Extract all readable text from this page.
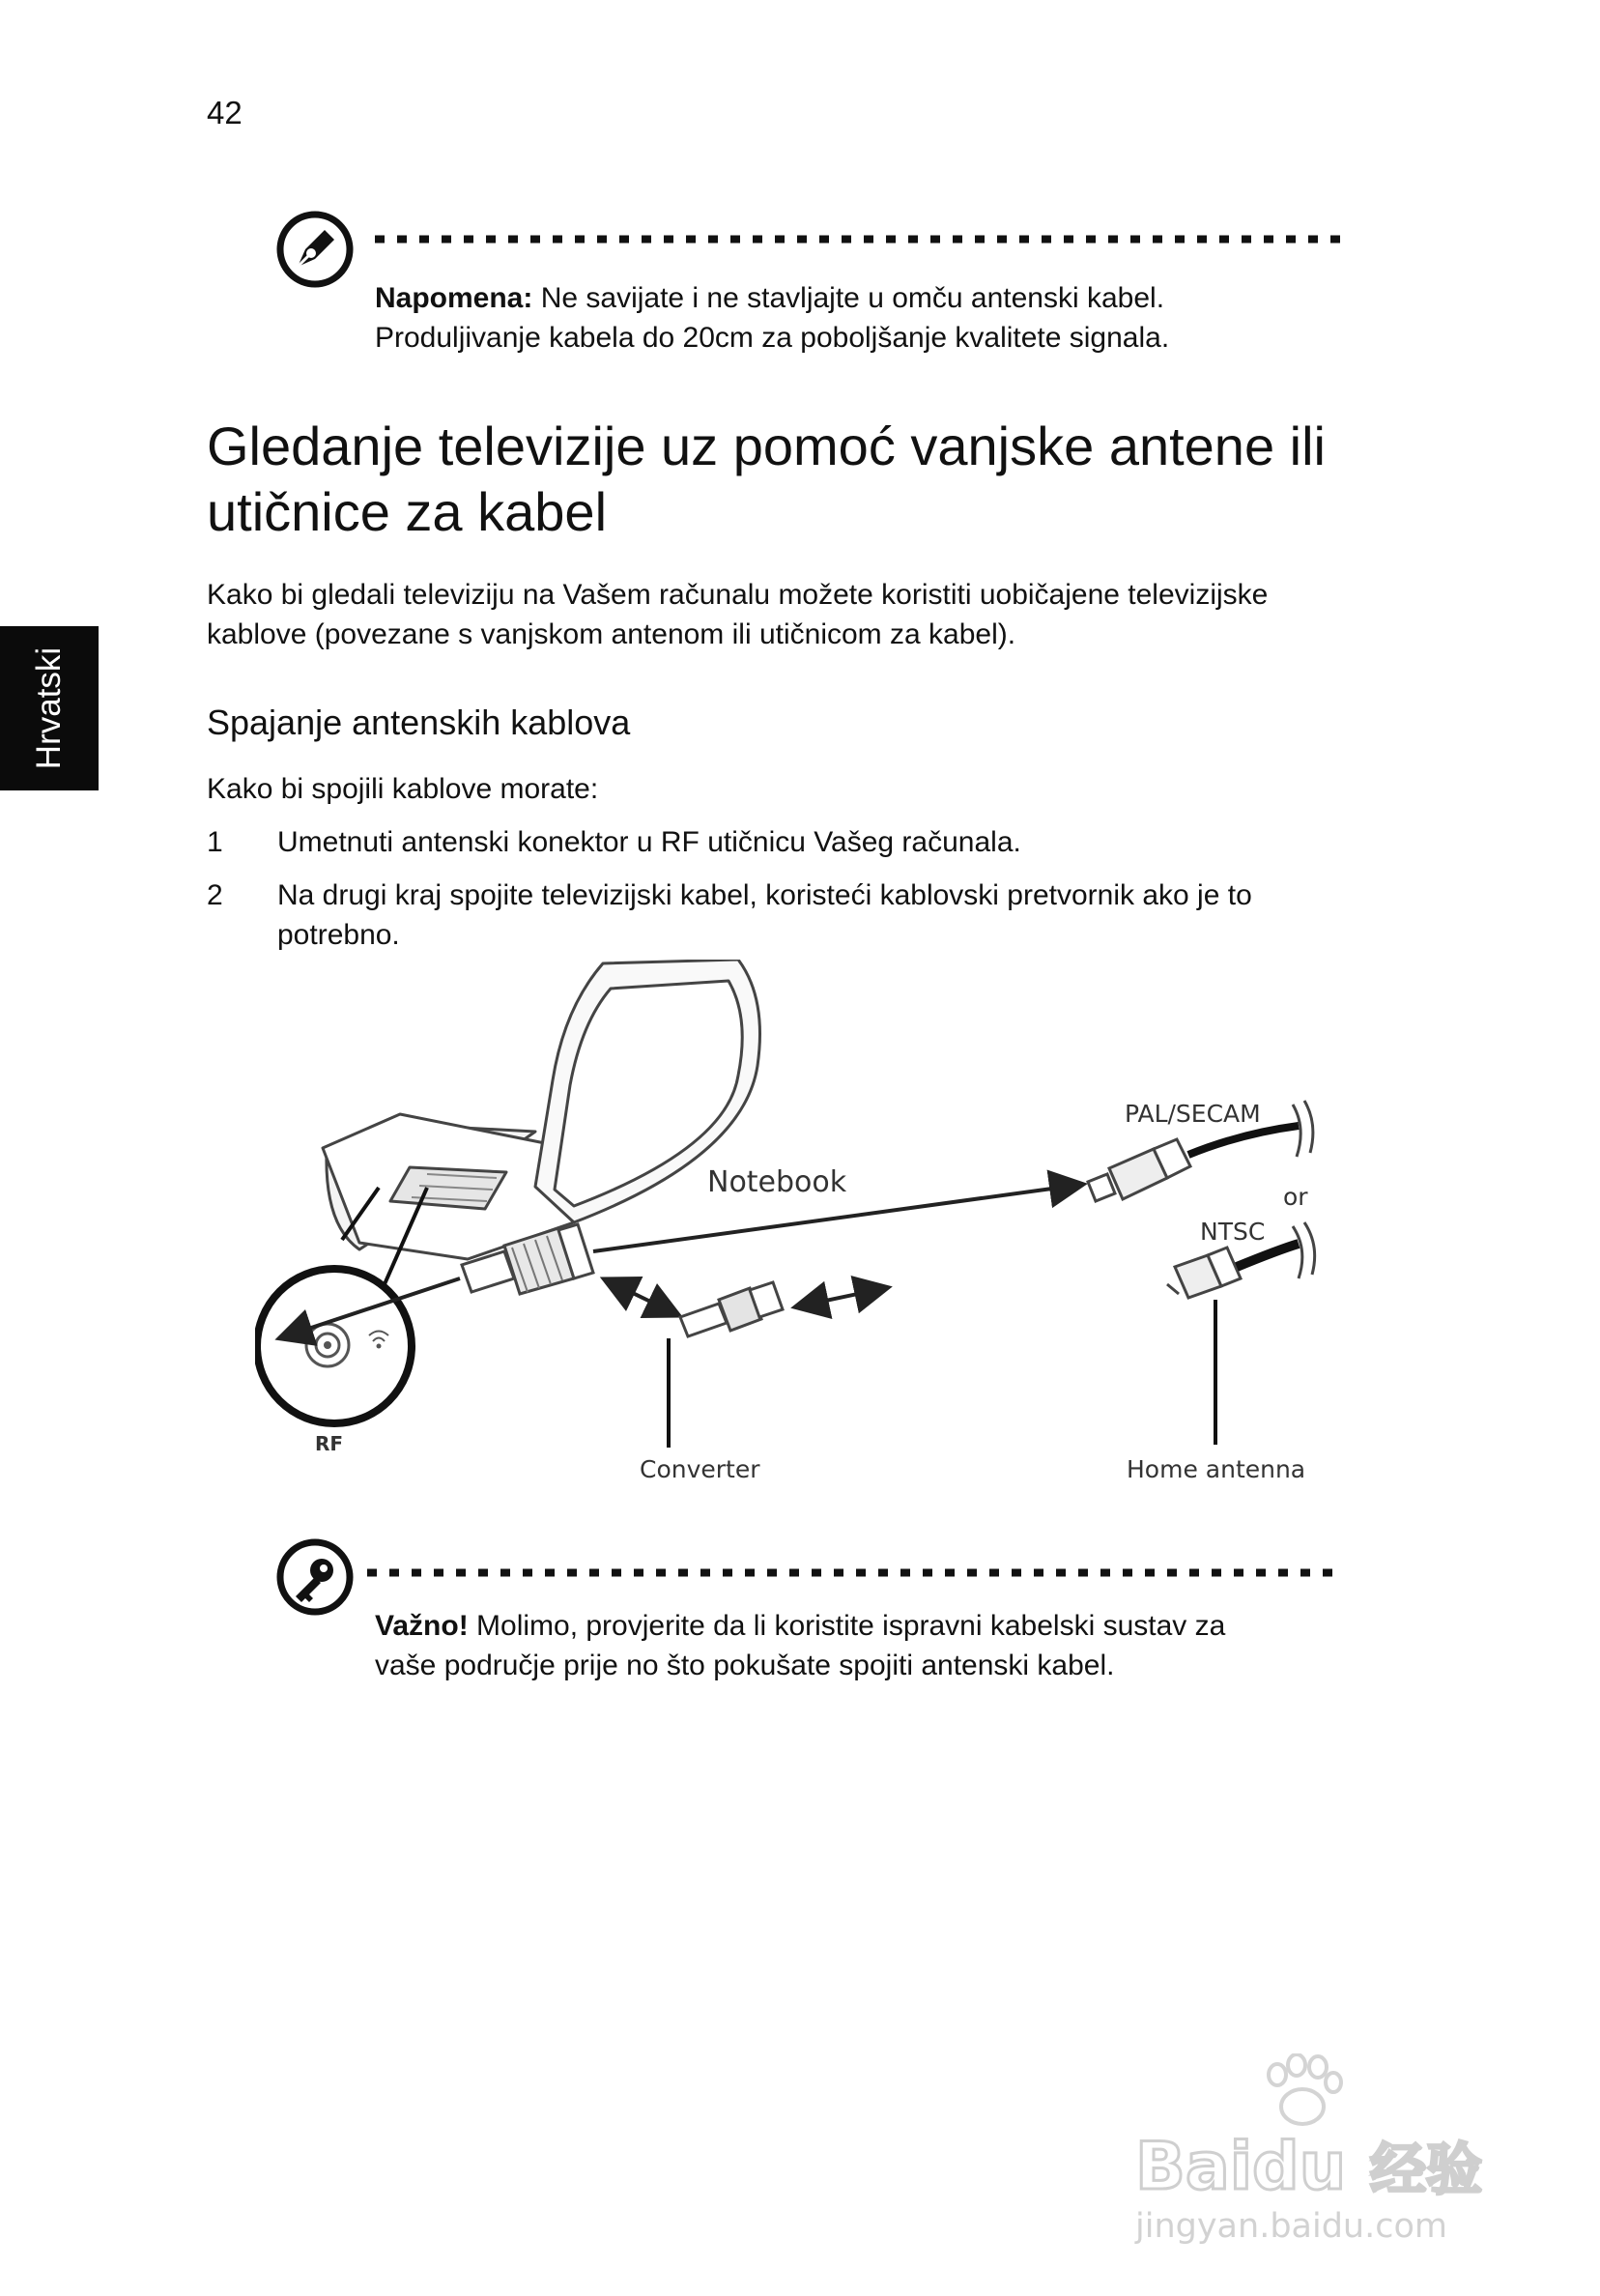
42
Hrvatski
Napomena: Ne savijate i ne stavljajte u omču antenski kabel.
Produljivanje kabela do 20cm za poboljšanje kvalitete signala.
Gledanje televizije uz pomoć vanjske antene ili
utičnice za kabel

Kako bi gledali televiziju na Vašem računalu možete koristiti uobičajene televizijske
kablove (povezane s vanjskom antenom ili utičnicom za kabel).

Spajanje antenskih kablova

Kako bi spojili kablove morate:

1 Umetnuti antenski konektor u RF utičnicu Vašeg računala.
2 Na drugi kraj spojite televizijski kabel, koristeći kablovski pretvornik ako je to
potrebno.
RF
Notebook
PAL/SECAM
or
NTSC
Converter	Home antenna
Važno! Molimo, provjerite da li koristite ispravni kabelski sustav za
vaše područje prije no što pokušate spojiti antenski kabel.
Baidu 经验
jingyan.baidu.com
